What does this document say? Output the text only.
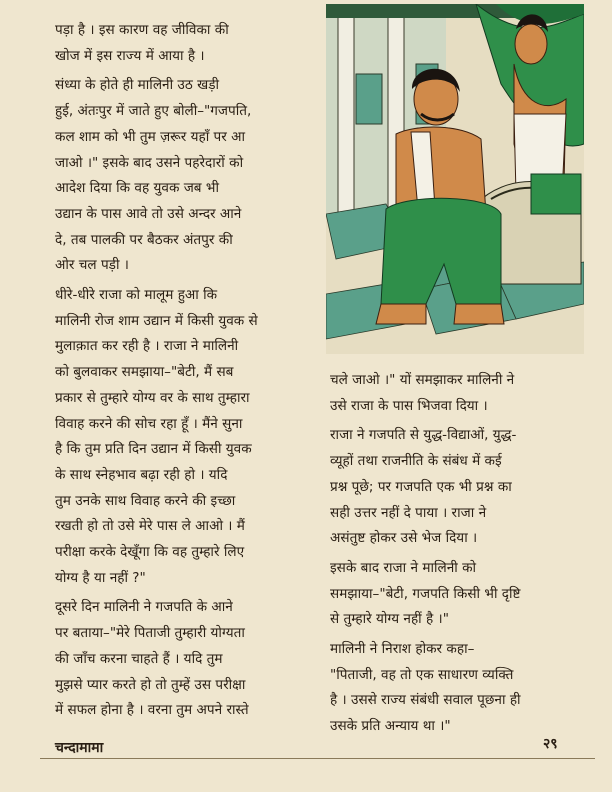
पड़ा है । इस कारण वह जीविका की
खोज में इस राज्य में आया है ।

संध्या के होते ही मालिनी उठ खड़ी
हुई, अंतःपुर में जाते हुए बोली–"गजपति,
कल शाम को भी तुम ज़रूर यहाँ पर आ
जाओ ।" इसके बाद उसने पहरेदारों को
आदेश दिया कि वह युवक जब भी
उद्यान के पास आवे तो उसे अन्दर आने
दे, तब पालकी पर बैठकर अंतपुर की
ओर चल पड़ी ।

धीरे-धीरे राजा को मालूम हुआ कि
मालिनी रोज शाम उद्यान में किसी युवक से
मुलाक़ात कर रही है । राजा ने मालिनी
को बुलवाकर समझाया–"बेटी, मैं सब
प्रकार से तुम्हारे योग्य वर के साथ तुम्हारा
विवाह करने की सोच रहा हूँ । मैंने सुना
है कि तुम प्रति दिन उद्यान में किसी युवक
के साथ स्नेहभाव बढ़ा रही हो । यदि
तुम उनके साथ विवाह करने की इच्छा
रखती हो तो उसे मेरे पास ले आओ । मैं
परीक्षा करके देखूँगा कि वह तुम्हारे लिए
योग्य है या नहीं ?"

दूसरे दिन मालिनी ने गजपति के आने
पर बताया–"मेरे पिताजी तुम्हारी योग्यता
की जाँच करना चाहते हैं । यदि तुम
मुझसे प्यार करते हो तो तुम्हें उस परीक्षा
में सफल होना है । वरना तुम अपने रास्ते

चले जाओ ।" यों समझाकर मालिनी ने
उसे राजा के पास भिजवा दिया ।

राजा ने गजपति से युद्ध-विद्याओं, युद्ध-
व्यूहों तथा राजनीति के संबंध में कई
प्रश्न पूछे; पर गजपति एक भी प्रश्न का
सही उत्तर नहीं दे पाया । राजा ने
असंतुष्ट होकर उसे भेज दिया ।

इसके बाद राजा ने मालिनी को
समझाया–"बेटी, गजपति किसी भी दृष्टि
से तुम्हारे योग्य नहीं है ।"

मालिनी ने निराश होकर कहा–
"पिताजी, वह तो एक साधारण व्यक्ति
है । उससे राज्य संबंधी सवाल पूछना ही
उसके प्रति अन्याय था ।"

चन्दामामा	२९
